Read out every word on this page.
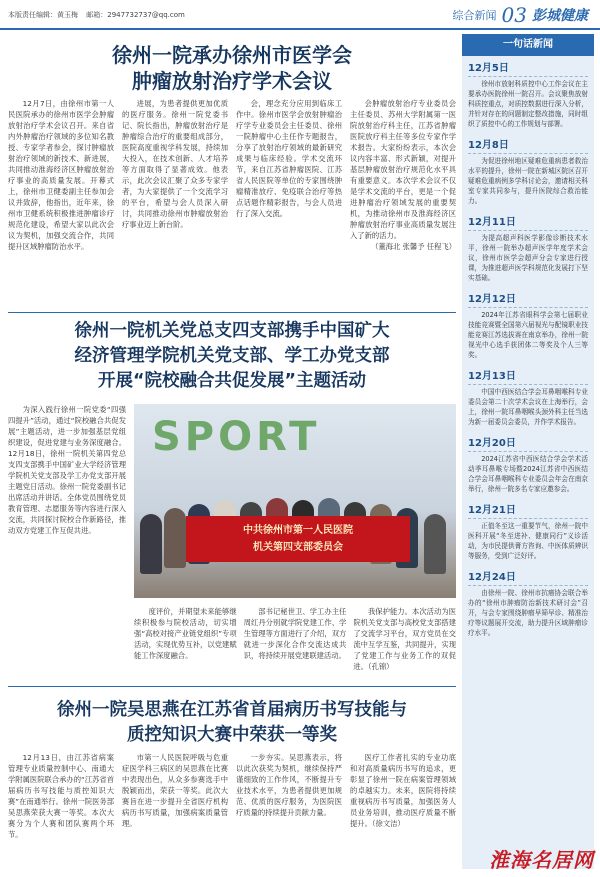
本版责任编辑：黄玉梅 邮箱：2947732737@qq.com	综合新闻 03 彭城健康
徐州一院承办徐州市医学会
肿瘤放射治疗学术会议

12月7日，由徐州市第一人民医院承办的徐州市医学会肿瘤放射治疗学术会议召开。来自省内外肿瘤治疗领域的多位知名教授、专家学者参会，探讨肿瘤放射治疗领域的新技术、新进展，共同推动淮海经济区肿瘤放射治疗事业的高质量发展。开幕式上，徐州市卫健委副主任参加会议并致辞，他指出，近年来，徐州市卫健系统积极推进肿瘤诊疗规范化建设，希望大家以此次会议为契机，加强交流合作，共同提升区域肿瘤防治水平。

进展，为患者提供更加优质的医疗服务。徐州一院党委书记、院长指出，肿瘤放射治疗是肿瘤综合治疗的重要组成部分，医院高度重视学科发展，持续加大投入，在技术创新、人才培养等方面取得了显著成效。他表示，此次会议汇聚了众多专家学者，为大家提供了一个交流学习的平台，希望与会人员深入研讨，共同推动徐州市肿瘤放射治疗事业迈上新台阶。

会，理念充分应用到临床工作中。徐州市医学会放射肿瘤治疗学专业委员会主任委员、徐州一院肿瘤中心主任作专题报告，分享了放射治疗领域的最新研究成果与临床经验。学术交流环节，来自江苏省肿瘤医院、江苏省人民医院等单位的专家围绕肿瘤精准放疗、免疫联合治疗等热点话题作精彩报告，与会人员进行了深入交流。

会肿瘤放射治疗专业委员会主任委员、苏州大学附属第一医院放射治疗科主任，江苏省肿瘤医院放疗科主任等多位专家作学术报告。大家纷纷表示，本次会议内容丰富、形式新颖，对提升基层肿瘤放射治疗规范化水平具有重要意义。本次学术会议不仅是学术交流的平台，更是一个促进肿瘤治疗领域发展的重要契机，为推动徐州市及淮海经济区肿瘤放射治疗事业高质量发展注入了新的活力。

（董海北 张馨予 任程飞）
徐州一院机关党总支四支部携手中国矿大
经济管理学院机关党支部、学工办党支部
开展“院校融合共促发展”主题活动

为深入践行徐州一院党委“四强四提升”活动，通过“院校融合共促发展”主题活动，进一步加强基层党组织建设，促进党建与业务深度融合。12月18日，徐州一院机关第四党总支四支部携手中国矿业大学经济管理学院机关党支部及学工办党支部开展主题党日活动。徐州一院党委副书记出席活动并讲话。全体党员围绕党员教育管理、志愿服务等内容进行深入交流，共同探讨院校合作新路径，推动双方党建工作互促共进。

SPORT
中共徐州市第一人民医院
机关第四支部委员会

度评价，并期望未来能够继续积极参与院校活动，切实增强“高校对接产业链党组织”专项活动，实现优势互补，以党建赋能工作深度融合。

部书记秘世卫、学工办主任周红丹分别就学院党建工作、学生管理等方面进行了介绍，双方就进一步深化合作交流达成共识，将持续开展党建联建活动。

我保护能力。本次活动为医院机关党支部与高校党支部搭建了交流学习平台，双方党员在交流中互学互鉴，共同提升，实现了党建工作与业务工作的双促进。（孔锦）

徐州一院吴思燕在江苏省首届病历书写技能与
质控知识大赛中荣获一等奖

12月13日，由江苏省病案管理专业质量控制中心、南通大学附属医院联合承办的“江苏省首届病历书写技能与质控知识大赛”在南通举行。徐州一院医务部吴思燕荣获大赛一等奖。本次大赛分为个人赛和团队赛两个环节。

市第一人民医院呼吸与危重症医学科三病区的吴思燕在比赛中表现出色，从众多参赛选手中脱颖而出，荣获一等奖。此次大赛旨在进一步提升全省医疗机构病历书写质量，加强病案质量管理。

一步夯实。吴思燕表示，将以此次获奖为契机，继续保持严谨细致的工作作风，不断提升专业技术水平，为患者提供更加规范、优质的医疗服务，为医院医疗质量的持续提升贡献力量。

医疗工作者扎实的专业功底和对高质量病历书写的追求，更彰显了徐州一院在病案管理领域的卓越实力。未来，医院将持续重视病历书写质量，加强医务人员业务培训，推动医疗质量不断提升。（徐文洁）

一句话新闻
12月5日
徐州市放射科质控中心工作会议在主要承办医院徐州一院召开。会议聚焦放射科质控重点，对质控数据进行深入分析，并针对存在的问题制定整改措施，同时组织了质控中心的工作规划与部署。
12月8日
为促进徐州地区疑难危重病患者救治水平的提升，徐州一院在新城区院区召开疑难危重病例多学科讨论会，邀请相关科室专家共同参与，提升医院综合救治能力。
12月11日
为提高超声科医学影像诊断技术水平，徐州一院举办超声医学年度学术会议，徐州市医学会超声分会专家进行授课，为推进超声医学科规范化发展打下坚实基础。
12月12日
2024年江苏省眼科学会第七届职业技能竞赛暨全国第六届视光与配镜职业技能竞赛江苏选拔赛在南京举办，徐州一院视光中心选手获团体二等奖及个人三等奖。
12月13日
中国中西医结合学会耳鼻咽喉科专业委员会第二十次学术会议在上海举行，会上，徐州一院耳鼻咽喉头颈外科主任当选为新一届委员会委员，并作学术报告。
12月20日
2024江苏省中西医结合学会学术活动季耳鼻喉专场暨2024江苏省中西医结合学会耳鼻咽喉科专业委员会年会在南京举行，徐州一院多名专家应邀参会。
12月21日
正值冬至这一重要节气，徐州一院中医科开展“冬至进补、健康同行”义诊活动，为市民提供膏方咨询、中医体质辨识等服务，受到广泛好评。
12月24日
由徐州一院、徐州市抗癌协会联合举办的“徐州市肿瘤防治新技术研讨会”召开，与会专家围绕肿瘤早筛早诊、精准治疗等议题展开交流，助力提升区域肿瘤诊疗水平。
淮海名居网
